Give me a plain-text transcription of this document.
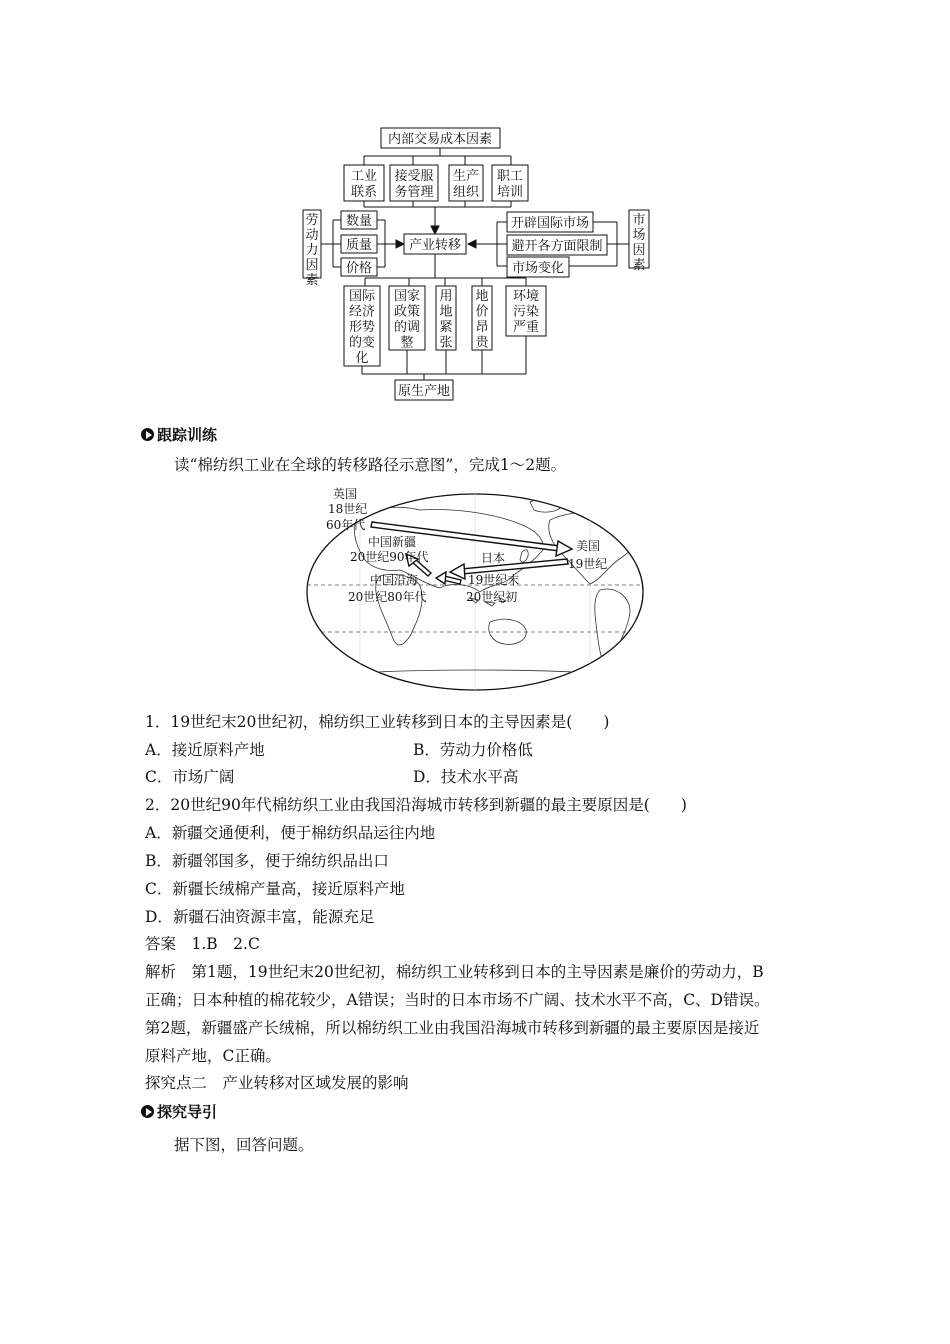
内部交易成本因素
产业转移
原生产地
数量
质量
价格
开辟国际市场
避开各方面限制
市场变化
工业联系
接受服务管理
生产组织
职工培训
劳动力因素
市场因素
国际经济形势的变化
国家政策的调整
用地紧张
地价昂贵
环境污染严重
跟踪训练
读“棉纺织工业在全球的转移路径示意图”，完成1～2题。
英国
18世纪
60年代
中国新疆
20世纪90年代	日本
美国
19世纪
中国沿海
20世纪80年代
19世纪末
20世纪初
1．19世纪末20世纪初，棉纺织工业转移到日本的主导因素是(　　)
A．接近原料产地	B．劳动力价格低
C．市场广阔	D．技术水平高
2．20世纪90年代棉纺织工业由我国沿海城市转移到新疆的最主要原因是(　　)
A．新疆交通便利，便于棉纺织品运往内地
B．新疆邻国多，便于绵纺织品出口
C．新疆长绒棉产量高，接近原料产地
D．新疆石油资源丰富，能源充足
答案　1.B　2.C
解析　第1题，19世纪末20世纪初，棉纺织工业转移到日本的主导因素是廉价的劳动力，B
正确；日本种植的棉花较少，A错误；当时的日本市场不广阔、技术水平不高，C、D错误。
第2题，新疆盛产长绒棉，所以棉纺织工业由我国沿海城市转移到新疆的最主要原因是接近
原料产地，C正确。
探究点二　产业转移对区域发展的影响
探究导引
据下图，回答问题。
